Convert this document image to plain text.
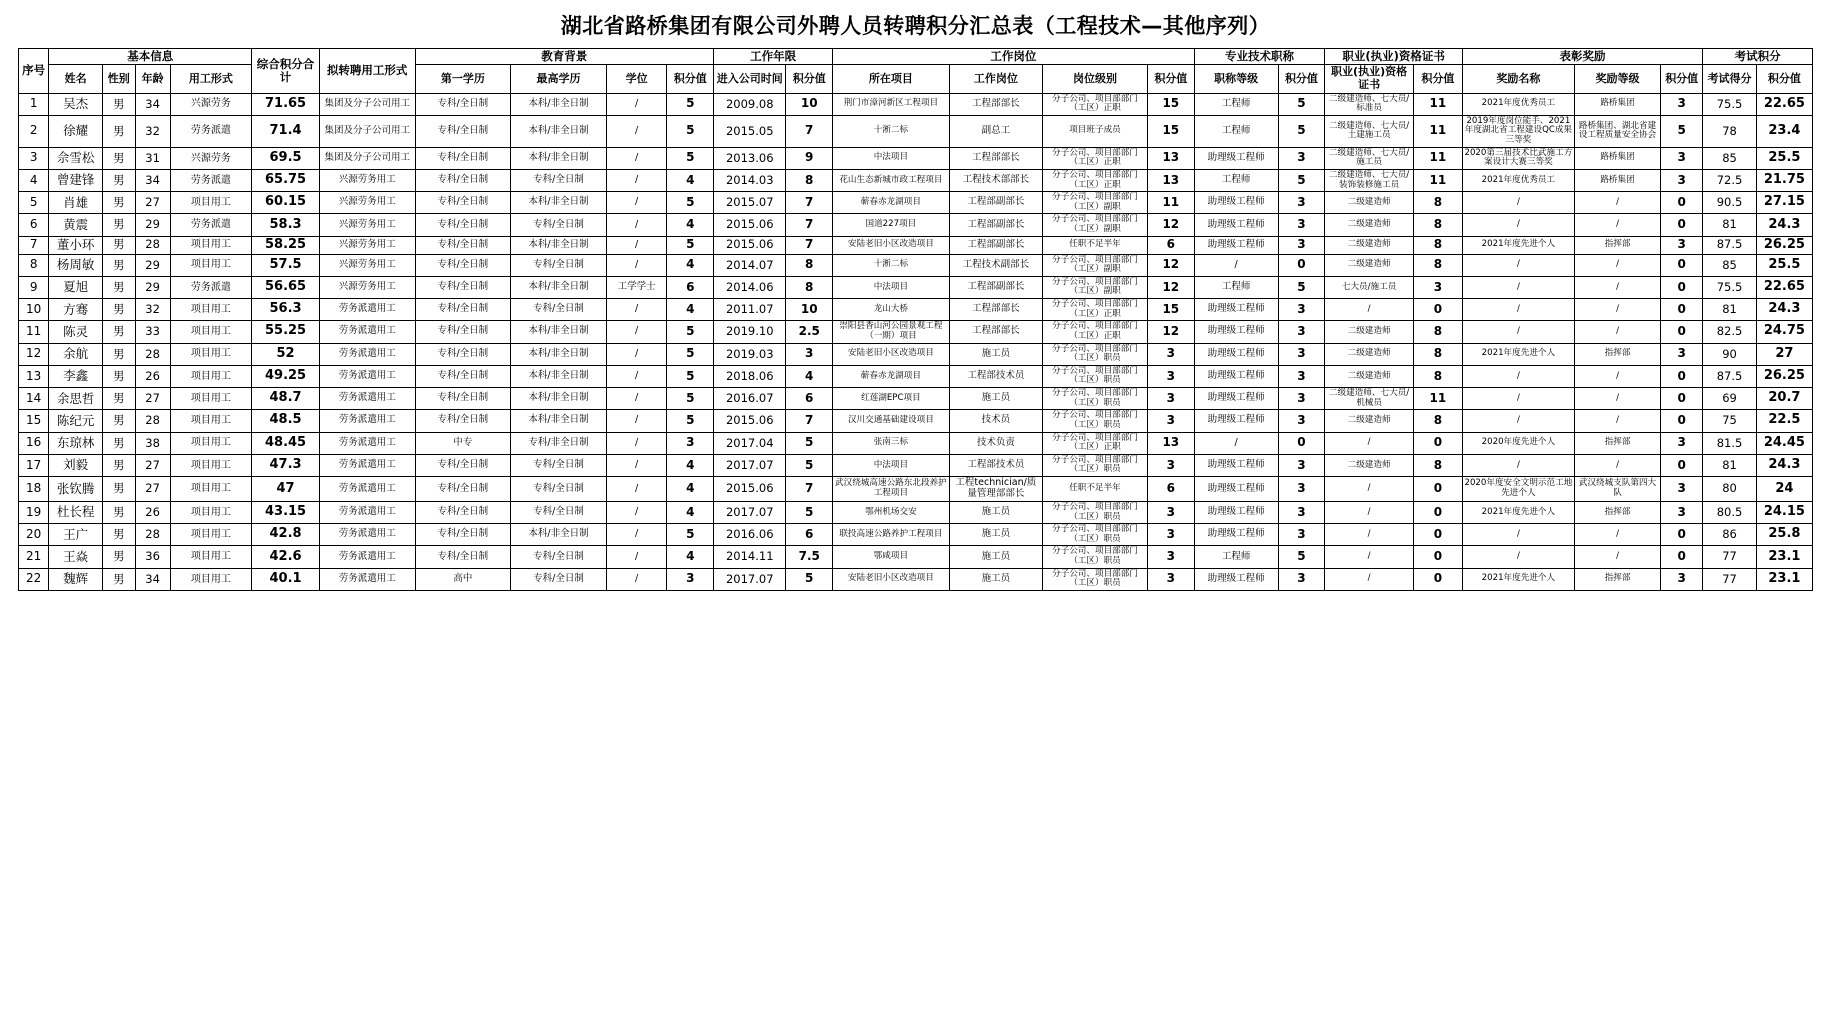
湖北省路桥集团有限公司外聘人员转聘积分汇总表（工程技术—其他序列）
序号	基本信息				综合积分合计	拟转聘用工形式	教育背景				工作年限		工作岗位				专业技术职称		职业(执业)资格证书		表彰奖励			考试积分	
	姓名	性别	年龄	用工形式			第一学历	最高学历	学位	积分值	进入公司时间	积分值	所在项目	工作岗位	岗位级别	积分值	职称等级	积分值	职业(执业)资格证书	积分值	奖励名称	奖励等级	积分值	考试得分	积分值
1	吴杰	男	34	兴源劳务	71.65	集团及分子公司用工	专科/全日制	本科/非全日制	/	5	2009.08	10	荆门市漳河新区工程项目	工程部部长	分子公司、项目部部门（工区）正职	15	工程师	5	二级建造师、七大员/标准员	11	2021年度优秀员工	路桥集团	3	75.5	22.65
2	徐耀	男	32	劳务派遣	71.4	集团及分子公司用工	专科/全日制	本科/非全日制	/	5	2015.05	7	十淅二标	副总工	项目班子成员	15	工程师	5	二级建造师、七大员/土建施工员	11	2019年度岗位能手、2021年度湖北省工程建设QC成果三等奖	路桥集团、湖北省建设工程质量安全协会	5	78	23.4
3	佘雪松	男	31	兴源劳务	69.5	集团及分子公司用工	专科/全日制	本科/非全日制	/	5	2013.06	9	中法项目	工程部部长	分子公司、项目部部门（工区）正职	13	助理级工程师	3	二级建造师、七大员/施工员	11	2020第三届技术比武施工方案设计大赛三等奖	路桥集团	3	85	25.5
4	曾建锋	男	34	劳务派遣	65.75	兴源劳务用工	专科/全日制	专科/全日制	/	4	2014.03	8	花山生态新城市政工程项目	工程技术部部长	分子公司、项目部部门（工区）正职	13	工程师	5	二级建造师、七大员/装饰装修施工员	11	2021年度优秀员工	路桥集团	3	72.5	21.75
5	肖雄	男	27	项目用工	60.15	兴源劳务用工	专科/全日制	本科/非全日制	/	5	2015.07	7	蕲春赤龙湖项目	工程部副部长	分子公司、项目部部门（工区）副职	11	助理级工程师	3	二级建造师	8	/	/	0	90.5	27.15
6	黄震	男	29	劳务派遣	58.3	兴源劳务用工	专科/全日制	专科/全日制	/	4	2015.06	7	国道227项目	工程部副部长	分子公司、项目部部门（工区）副职	12	助理级工程师	3	二级建造师	8	/	/	0	81	24.3
7	董小环	男	28	项目用工	58.25	兴源劳务用工	专科/全日制	本科/非全日制	/	5	2015.06	7	安陆老旧小区改造项目	工程部副部长	任职不足半年	6	助理级工程师	3	二级建造师	8	2021年度先进个人	指挥部	3	87.5	26.25
8	杨周敏	男	29	项目用工	57.5	兴源劳务用工	专科/全日制	专科/全日制	/	4	2014.07	8	十淅二标	工程技术副部长	分子公司、项目部部门（工区）副职	12	/	0	二级建造师	8	/	/	0	85	25.5
9	夏旭	男	29	劳务派遣	56.65	兴源劳务用工	专科/全日制	本科/非全日制	工学学士	6	2014.06	8	中法项目	工程部副部长	分子公司、项目部部门（工区）副职	12	工程师	5	七大员/施工员	3	/	/	0	75.5	22.65
10	方骞	男	32	项目用工	56.3	劳务派遣用工	专科/全日制	专科/全日制	/	4	2011.07	10	龙山大桥	工程部部长	分子公司、项目部部门（工区）正职	15	助理级工程师	3	/	0	/	/	0	81	24.3
11	陈灵	男	33	项目用工	55.25	劳务派遣用工	专科/全日制	本科/非全日制	/	5	2019.10	2.5	崇阳县香山河公园景观工程（一期）项目	工程部部长	分子公司、项目部部门（工区）正职	12	助理级工程师	3	二级建造师	8	/	/	0	82.5	24.75
12	余航	男	28	项目用工	52	劳务派遣用工	专科/全日制	本科/非全日制	/	5	2019.03	3	安陆老旧小区改造项目	施工员	分子公司、项目部部门（工区）职员	3	助理级工程师	3	二级建造师	8	2021年度先进个人	指挥部	3	90	27
13	李鑫	男	26	项目用工	49.25	劳务派遣用工	专科/全日制	本科/非全日制	/	5	2018.06	4	蕲春赤龙湖项目	工程部技术员	分子公司、项目部部门（工区）职员	3	助理级工程师	3	二级建造师	8	/	/	0	87.5	26.25
14	余思哲	男	27	项目用工	48.7	劳务派遣用工	专科/全日制	本科/非全日制	/	5	2016.07	6	红莲湖EPC项目	施工员	分子公司、项目部部门（工区）职员	3	助理级工程师	3	二级建造师、七大员/机械员	11	/	/	0	69	20.7
15	陈纪元	男	28	项目用工	48.5	劳务派遣用工	专科/全日制	本科/非全日制	/	5	2015.06	7	汉川交通基础建设项目	技术员	分子公司、项目部部门（工区）职员	3	助理级工程师	3	二级建造师	8	/	/	0	75	22.5
16	东琼林	男	38	项目用工	48.45	劳务派遣用工	中专	专科/非全日制	/	3	2017.04	5	张南三标	技术负责	分子公司、项目部部门（工区）正职	13	/	0	/	0	2020年度先进个人	指挥部	3	81.5	24.45
17	刘毅	男	27	项目用工	47.3	劳务派遣用工	专科/全日制	专科/全日制	/	4	2017.07	5	中法项目	工程部技术员	分子公司、项目部部门（工区）职员	3	助理级工程师	3	二级建造师	8	/	/	0	81	24.3
18	张钦腾	男	27	项目用工	47	劳务派遣用工	专科/全日制	专科/全日制	/	4	2015.06	7	武汉绕城高速公路东北段养护工程项目	工程technician/质量管理部部长	任职不足半年	6	助理级工程师	3	/	0	2020年度安全文明示范工地先进个人	武汉绕城支队第四大队	3	80	24
19	杜长程	男	26	项目用工	43.15	劳务派遣用工	专科/全日制	专科/全日制	/	4	2017.07	5	鄂州机场交安	施工员	分子公司、项目部部门（工区）职员	3	助理级工程师	3	/	0	2021年度先进个人	指挥部	3	80.5	24.15
20	王广	男	28	项目用工	42.8	劳务派遣用工	专科/全日制	本科/非全日制	/	5	2016.06	6	联投高速公路养护工程项目	施工员	分子公司、项目部部门（工区）职员	3	助理级工程师	3	/	0	/	/	0	86	25.8
21	王焱	男	36	项目用工	42.6	劳务派遣用工	专科/全日制	专科/全日制	/	4	2014.11	7.5	鄂咸项目	施工员	分子公司、项目部部门（工区）职员	3	工程师	5	/	0	/	/	0	77	23.1
22	魏辉	男	34	项目用工	40.1	劳务派遣用工	高中	专科/全日制	/	3	2017.07	5	安陆老旧小区改造项目	施工员	分子公司、项目部部门（工区）职员	3	助理级工程师	3	/	0	2021年度先进个人	指挥部	3	77	23.1
